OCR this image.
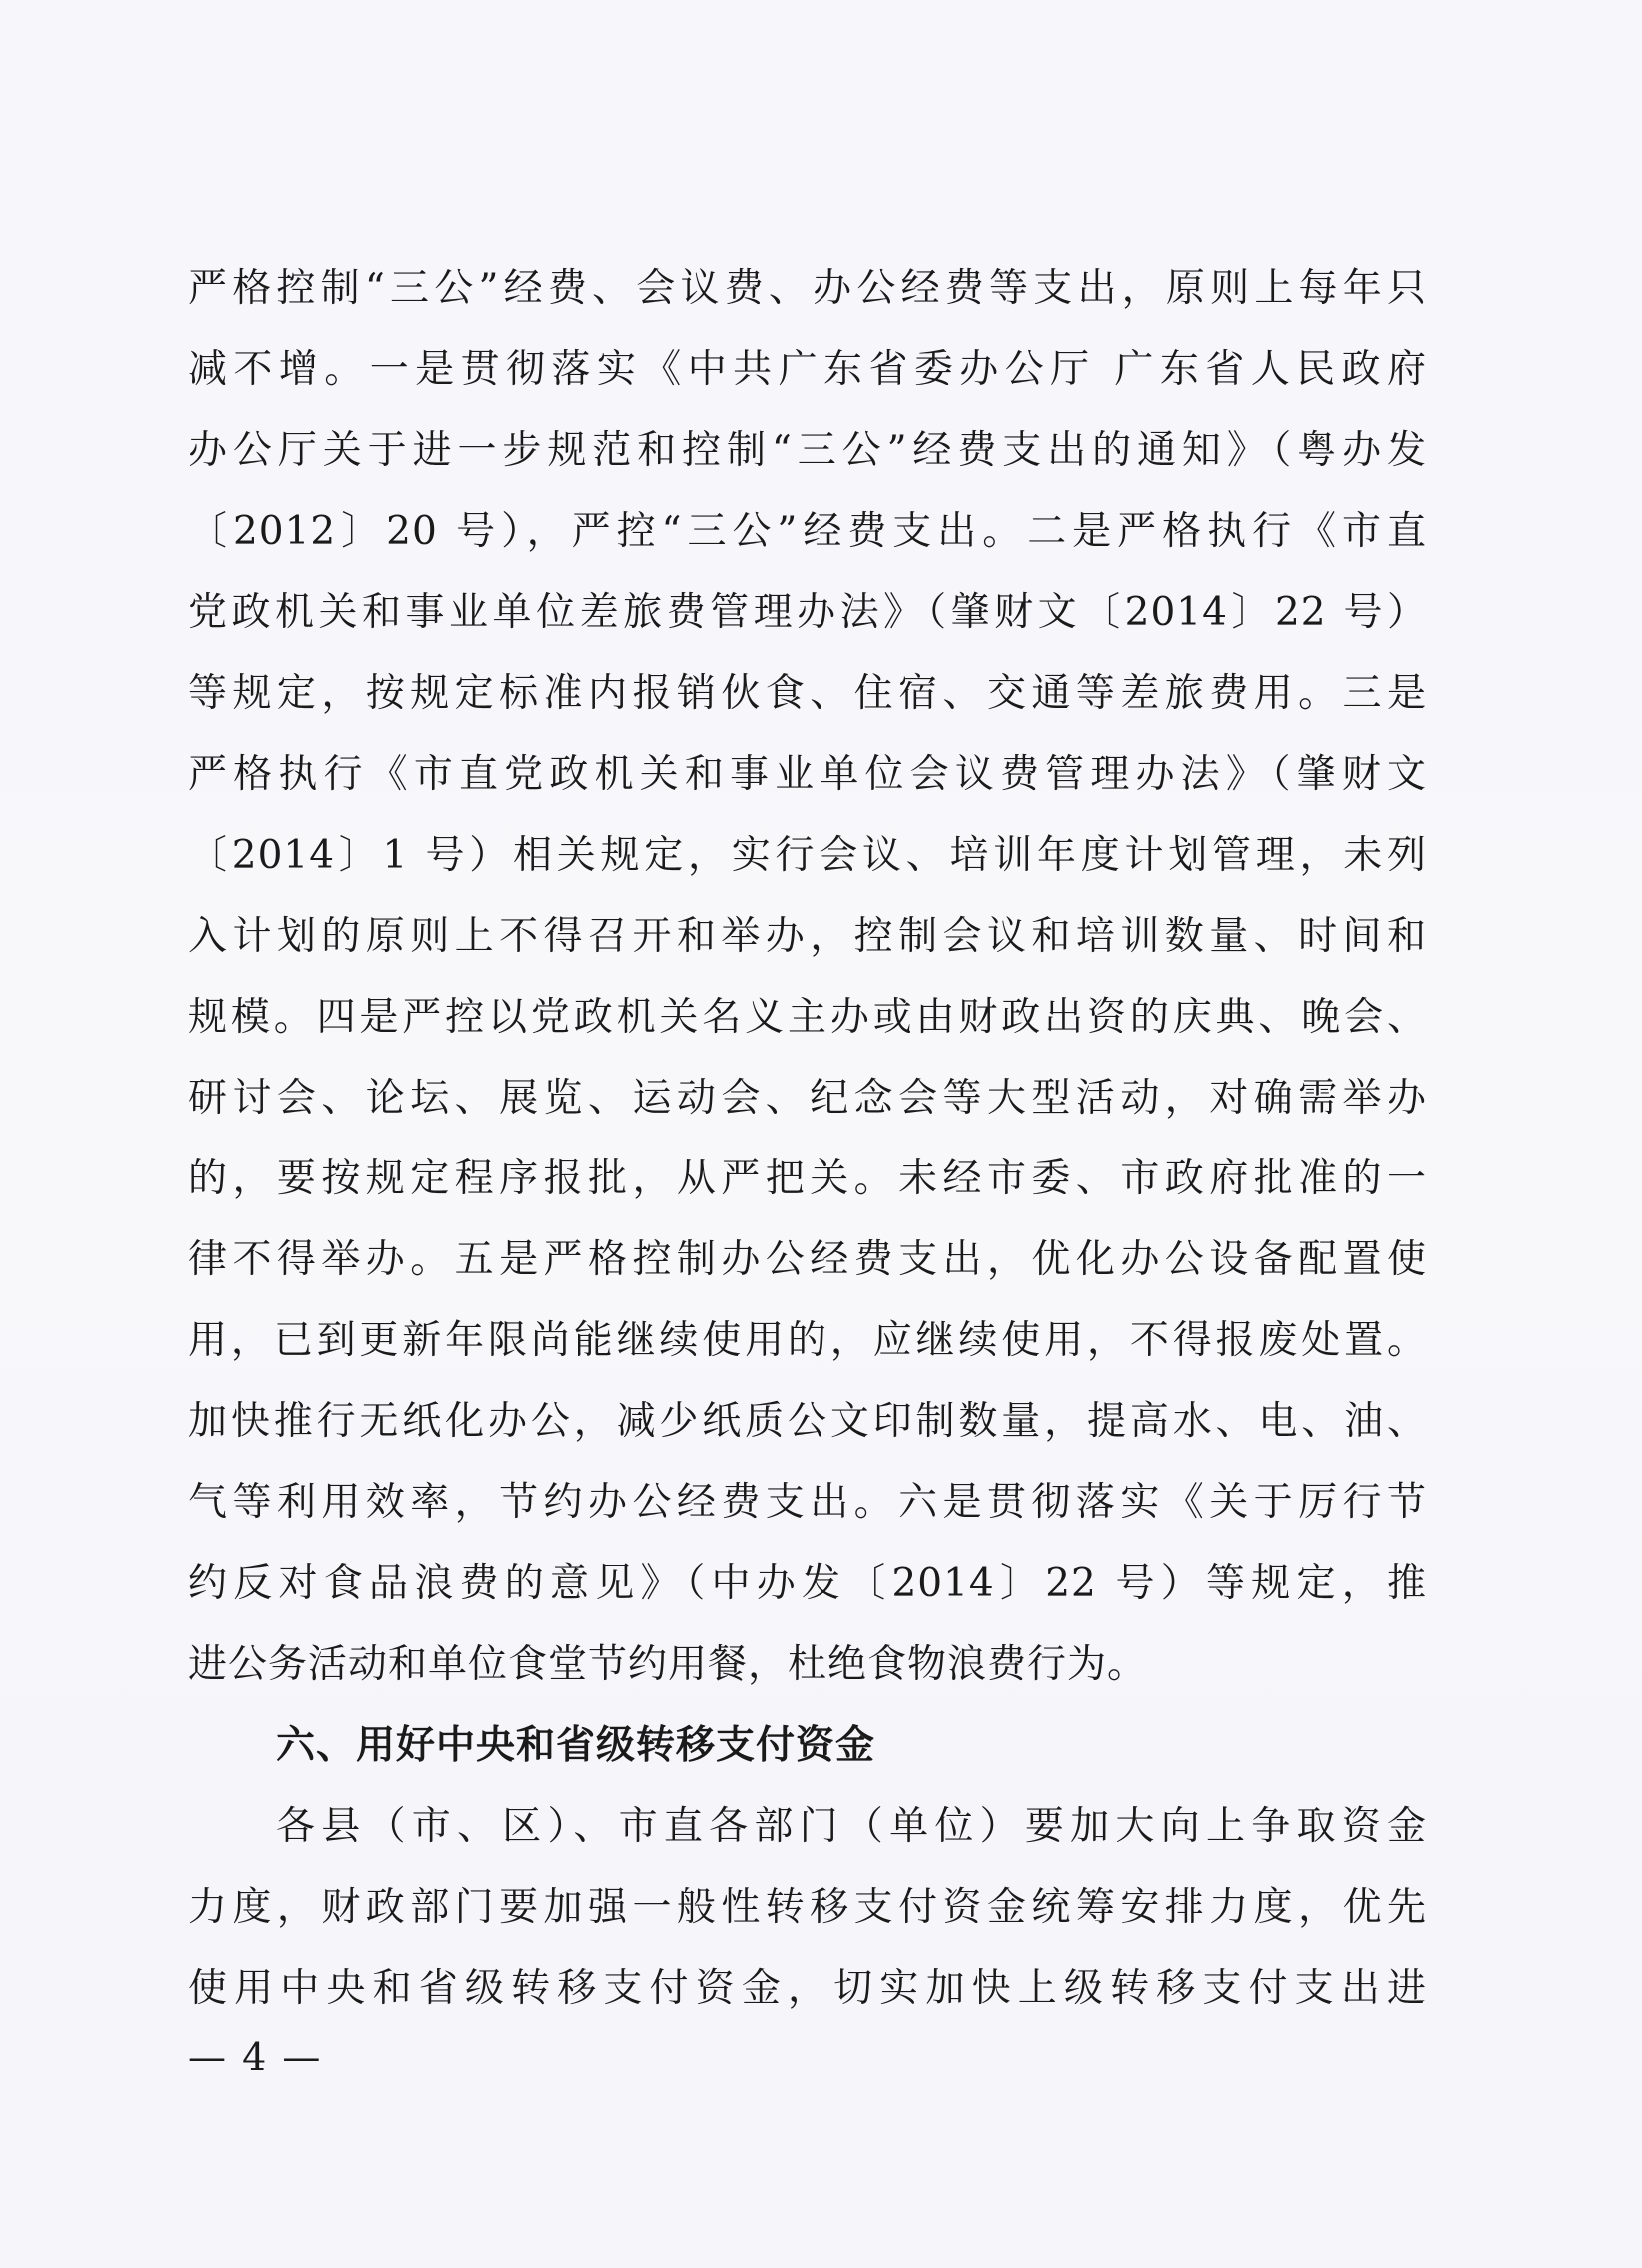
严格控制“三公”经费、会议费、办公经费等支出，原则上每年只
减不增。一是贯彻落实《中共广东省委办公厅 广东省人民政府
办公厅关于进一步规范和控制“三公”经费支出的通知》（粤办发
〔2012〕20 号），严控“三公”经费支出。二是严格执行《市直
党政机关和事业单位差旅费管理办法》（肇财文〔2014〕22 号）
等规定，按规定标准内报销伙食、住宿、交通等差旅费用。三是
严格执行《市直党政机关和事业单位会议费管理办法》（肇财文
〔2014〕1 号）相关规定，实行会议、培训年度计划管理，未列
入计划的原则上不得召开和举办，控制会议和培训数量、时间和
规模。四是严控以党政机关名义主办或由财政出资的庆典、晚会、
研讨会、论坛、展览、运动会、纪念会等大型活动，对确需举办
的，要按规定程序报批，从严把关。未经市委、市政府批准的一
律不得举办。五是严格控制办公经费支出，优化办公设备配置使
用，已到更新年限尚能继续使用的，应继续使用，不得报废处置。
加快推行无纸化办公，减少纸质公文印制数量，提高水、电、油、
气等利用效率，节约办公经费支出。六是贯彻落实《关于厉行节
约反对食品浪费的意见》（中办发〔2014〕22 号）等规定，推
进公务活动和单位食堂节约用餐，杜绝食物浪费行为。
六、用好中央和省级转移支付资金
各县（市、区）、市直各部门（单位）要加大向上争取资金
力度，财政部门要加强一般性转移支付资金统筹安排力度，优先
使用中央和省级转移支付资金，切实加快上级转移支付支出进
— 4 —
